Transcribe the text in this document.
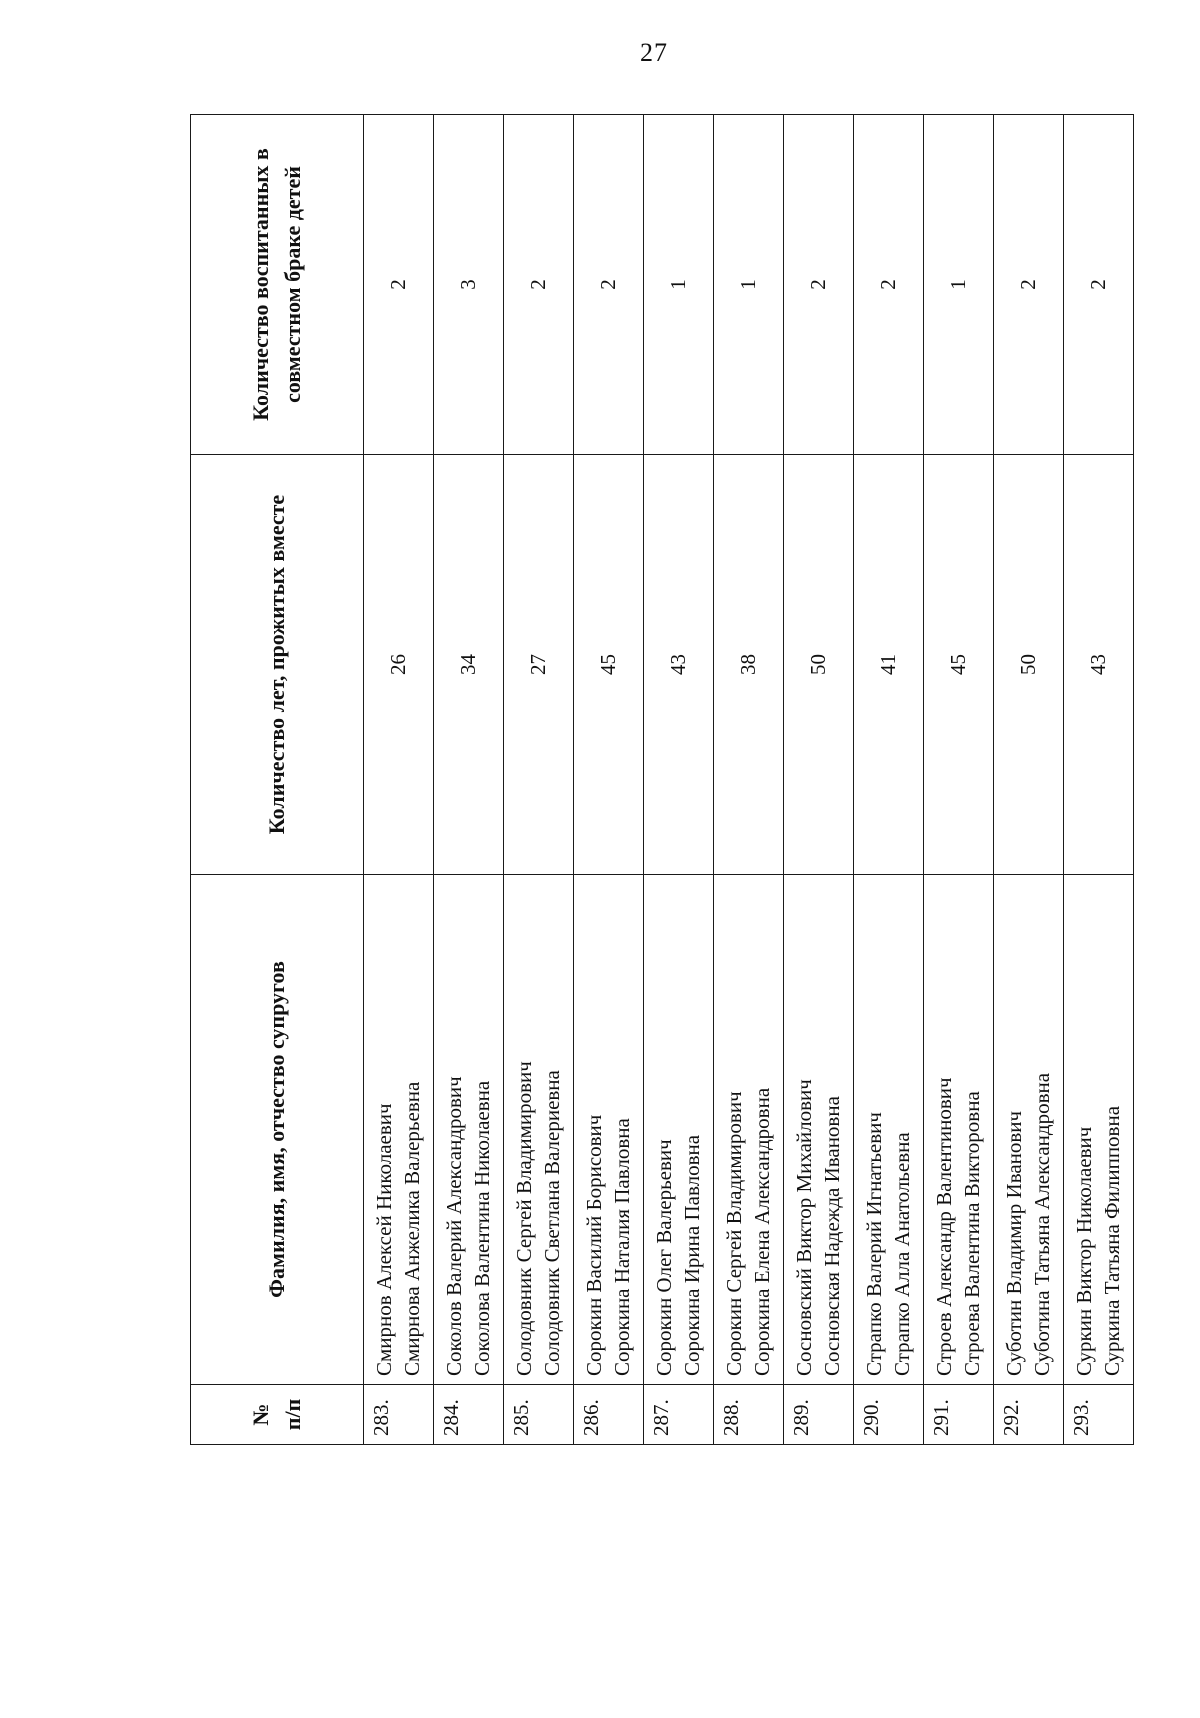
27
№ п/п	Фамилия, имя, отчество супругов	Количество лет, прожитых вместе	Количество воспитанных в совместном браке детей
283.	Смирнов Алексей Николаевич Смирнова Анжелика Валерьевна	26	2
284.	Соколов Валерий Александрович Соколова Валентина Николаевна	34	3
285.	Солодовник Сергей Владимирович Солодовник Светлана Валериевна	27	2
286.	Сорокин Василий Борисович Сорокина Наталия Павловна	45	2
287.	Сорокин Олег Валерьевич Сорокина Ирина Павловна	43	1
288.	Сорокин Сергей Владимирович Сорокина Елена Александровна	38	1
289.	Сосновский Виктор Михайлович Сосновская Надежда Ивановна	50	2
290.	Страпко Валерий Игнатьевич Страпко Алла Анатольевна	41	2
291.	Строев Александр Валентинович Строева Валентина Викторовна	45	1
292.	Суботин Владимир Иванович Суботина Татьяна Александровна	50	2
293.	Суркин Виктор Николаевич Суркина Татьяна Филипповна	43	2
